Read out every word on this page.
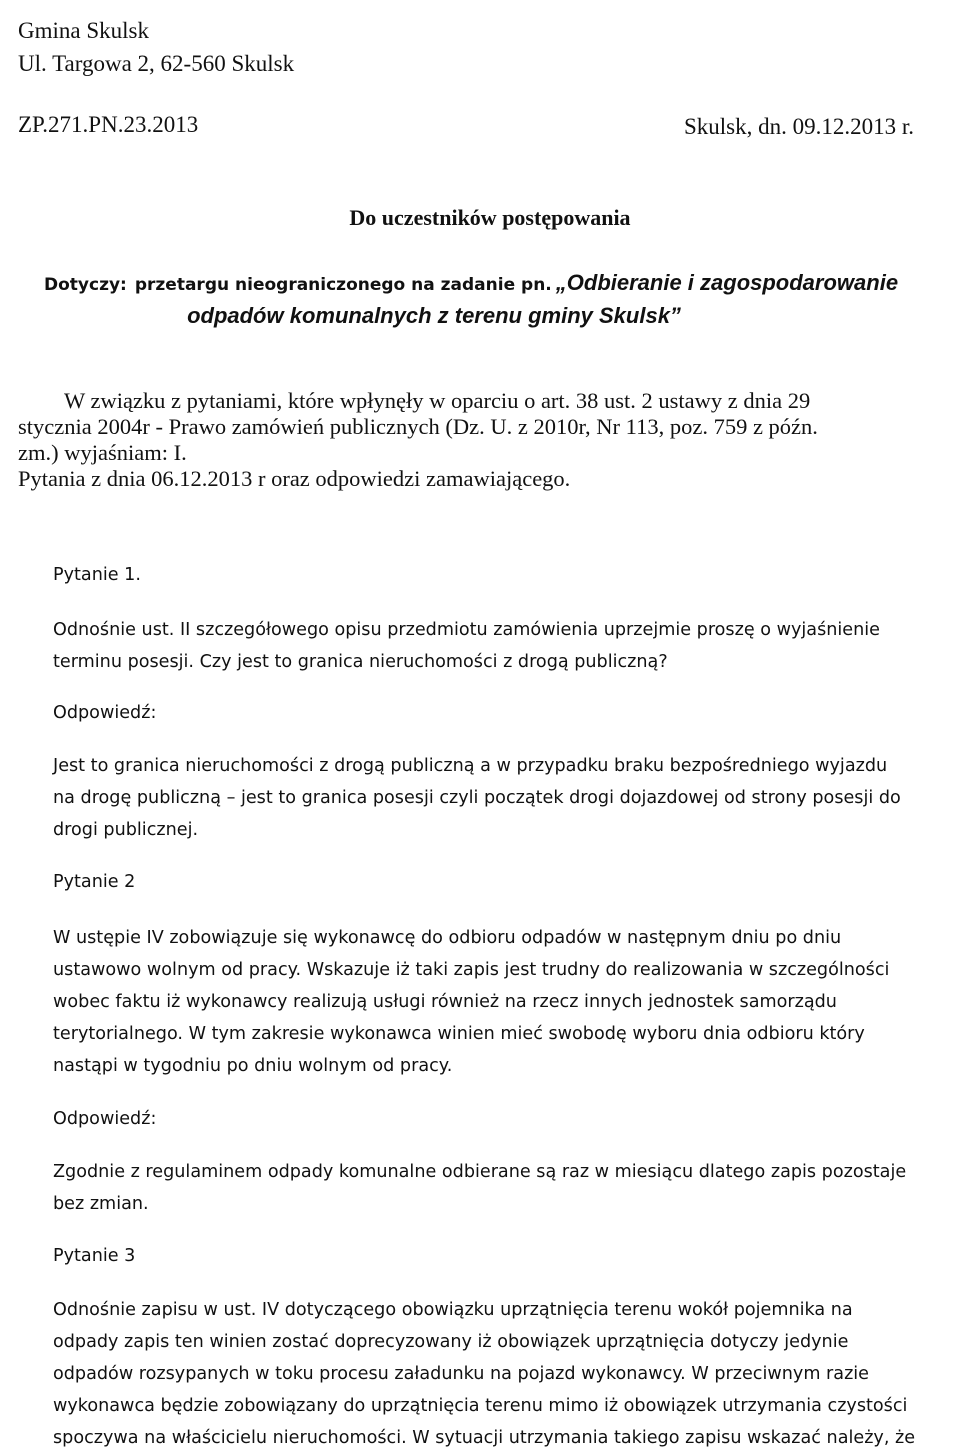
Gmina Skulsk
Ul. Targowa 2, 62-560 Skulsk
ZP.271.PN.23.2013	Skulsk, dn. 09.12.2013 r.
Do uczestników postępowania
Dotyczy: przetargu nieograniczonego na zadanie pn. „Odbieranie i zagospodarowanie
odpadów komunalnych z terenu gminy Skulsk”
W związku z pytaniami, które wpłynęły w oparciu o art. 38 ust. 2 ustawy z dnia 29
stycznia 2004r - Prawo zamówień publicznych (Dz. U. z 2010r, Nr 113, poz. 759 z późn.
zm.) wyjaśniam: I.
Pytania z dnia 06.12.2013 r oraz odpowiedzi zamawiającego.
Pytanie 1.

Odnośnie ust. II szczegółowego opisu przedmiotu zamówienia uprzejmie proszę o wyjaśnienie

terminu posesji. Czy jest to granica nieruchomości z drogą publiczną?

Odpowiedź:

Jest to granica nieruchomości z drogą publiczną a w przypadku braku bezpośredniego wyjazdu

na drogę publiczną – jest to granica posesji czyli początek drogi dojazdowej od strony posesji do

drogi publicznej.

Pytanie 2

W ustępie IV zobowiązuje się wykonawcę do odbioru odpadów w następnym dniu po dniu

ustawowo wolnym od pracy. Wskazuje iż taki zapis jest trudny do realizowania w szczególności

wobec faktu iż wykonawcy realizują usługi również na rzecz innych jednostek samorządu

terytorialnego. W tym zakresie wykonawca winien mieć swobodę wyboru dnia odbioru który

nastąpi w tygodniu po dniu wolnym od pracy.

Odpowiedź:

Zgodnie z regulaminem odpady komunalne odbierane są raz w miesiącu dlatego zapis pozostaje

bez zmian.

Pytanie 3

Odnośnie zapisu w ust. IV dotyczącego obowiązku uprzątnięcia terenu wokół pojemnika na

odpady zapis ten winien zostać doprecyzowany iż obowiązek uprzątnięcia dotyczy jedynie

odpadów rozsypanych w toku procesu załadunku na pojazd wykonawcy. W przeciwnym razie

wykonawca będzie zobowiązany do uprzątnięcia terenu mimo iż obowiązek utrzymania czystości

spoczywa na właścicielu nieruchomości. W sytuacji utrzymania takiego zapisu wskazać należy, że
